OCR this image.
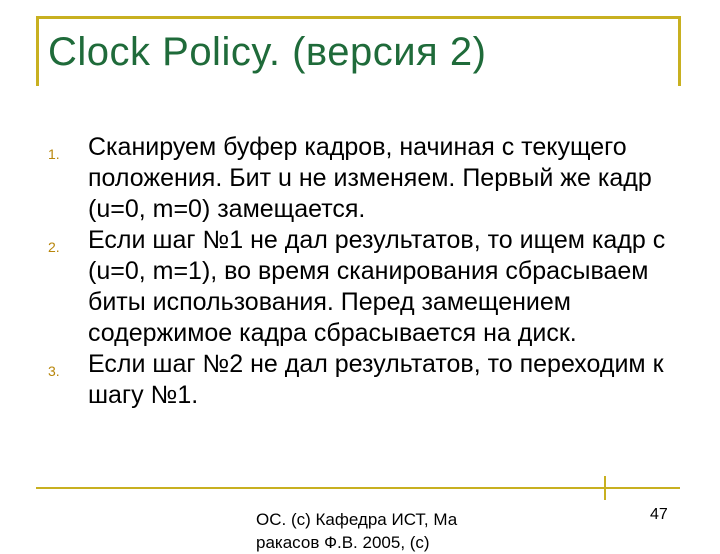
Clock Policy. (версия 2)
1. Сканируем буфер кадров, начиная с текущего положения. Бит u не изменяем. Первый же кадр (u=0, m=0) замещается.
2. Если шаг №1 не дал результатов, то ищем кадр с (u=0, m=1), во время сканирования сбрасываем биты использования. Перед замещением содержимое кадра сбрасывается на диск.
3. Если шаг №2 не дал результатов, то переходим к шагу №1.
ОС. (с) Кафедра ИСТ, Ма ракасов Ф.В. 2005, (с)
47
